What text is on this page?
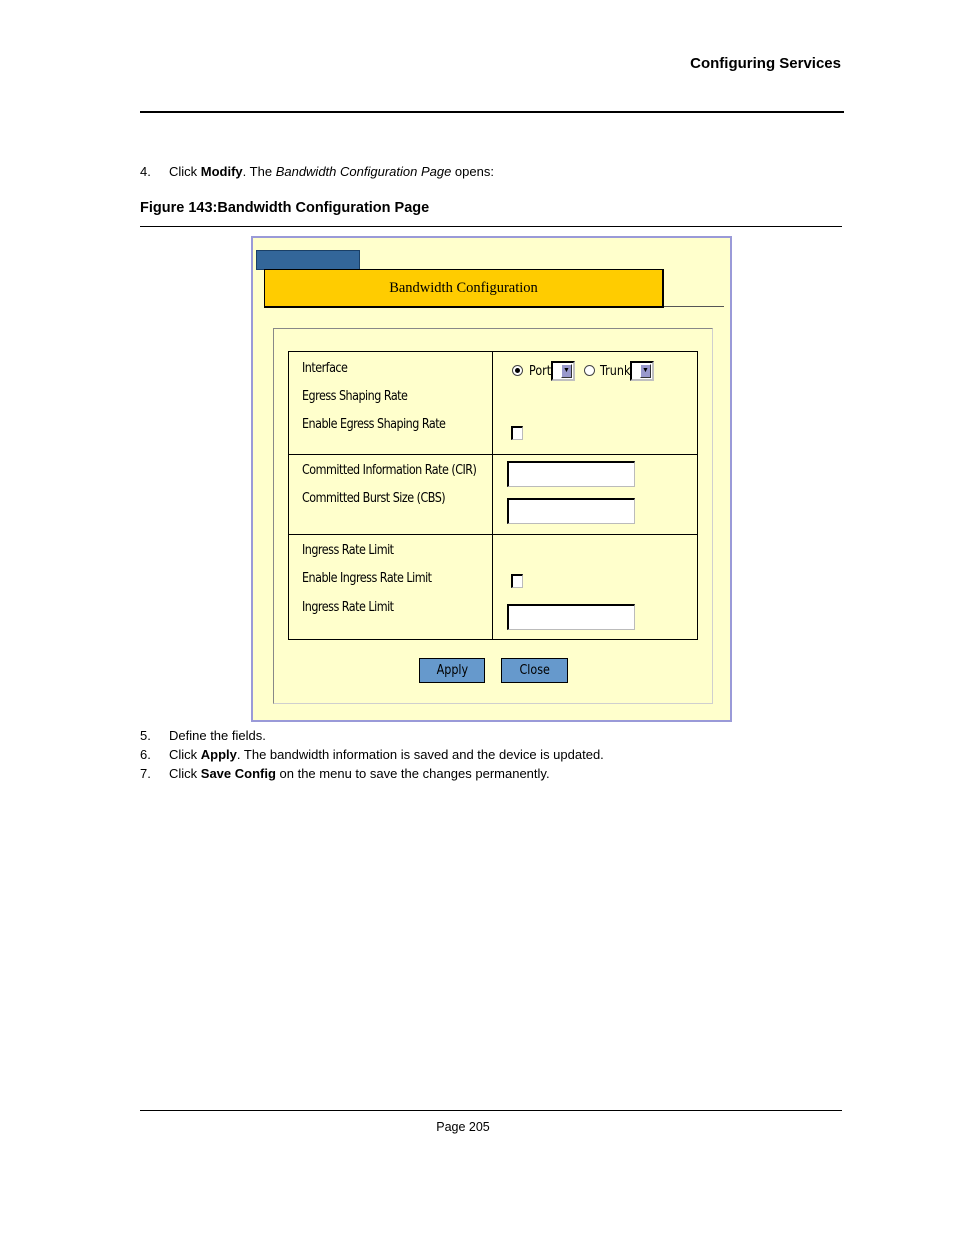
Configuring Services
4. Click Modify. The Bandwidth Configuration Page opens:
Figure 143:Bandwidth Configuration Page
Bandwidth Configuration
Interface
Egress Shaping Rate
Enable Egress Shaping Rate
Port ▼ Trunk ▼
Committed Information Rate (CIR)
Committed Burst Size (CBS)
Ingress Rate Limit
Enable Ingress Rate Limit
Ingress Rate Limit
Apply	Close
5. Define the fields.
6. Click Apply. The bandwidth information is saved and the device is updated.
7. Click Save Config on the menu to save the changes permanently.
Page 205
